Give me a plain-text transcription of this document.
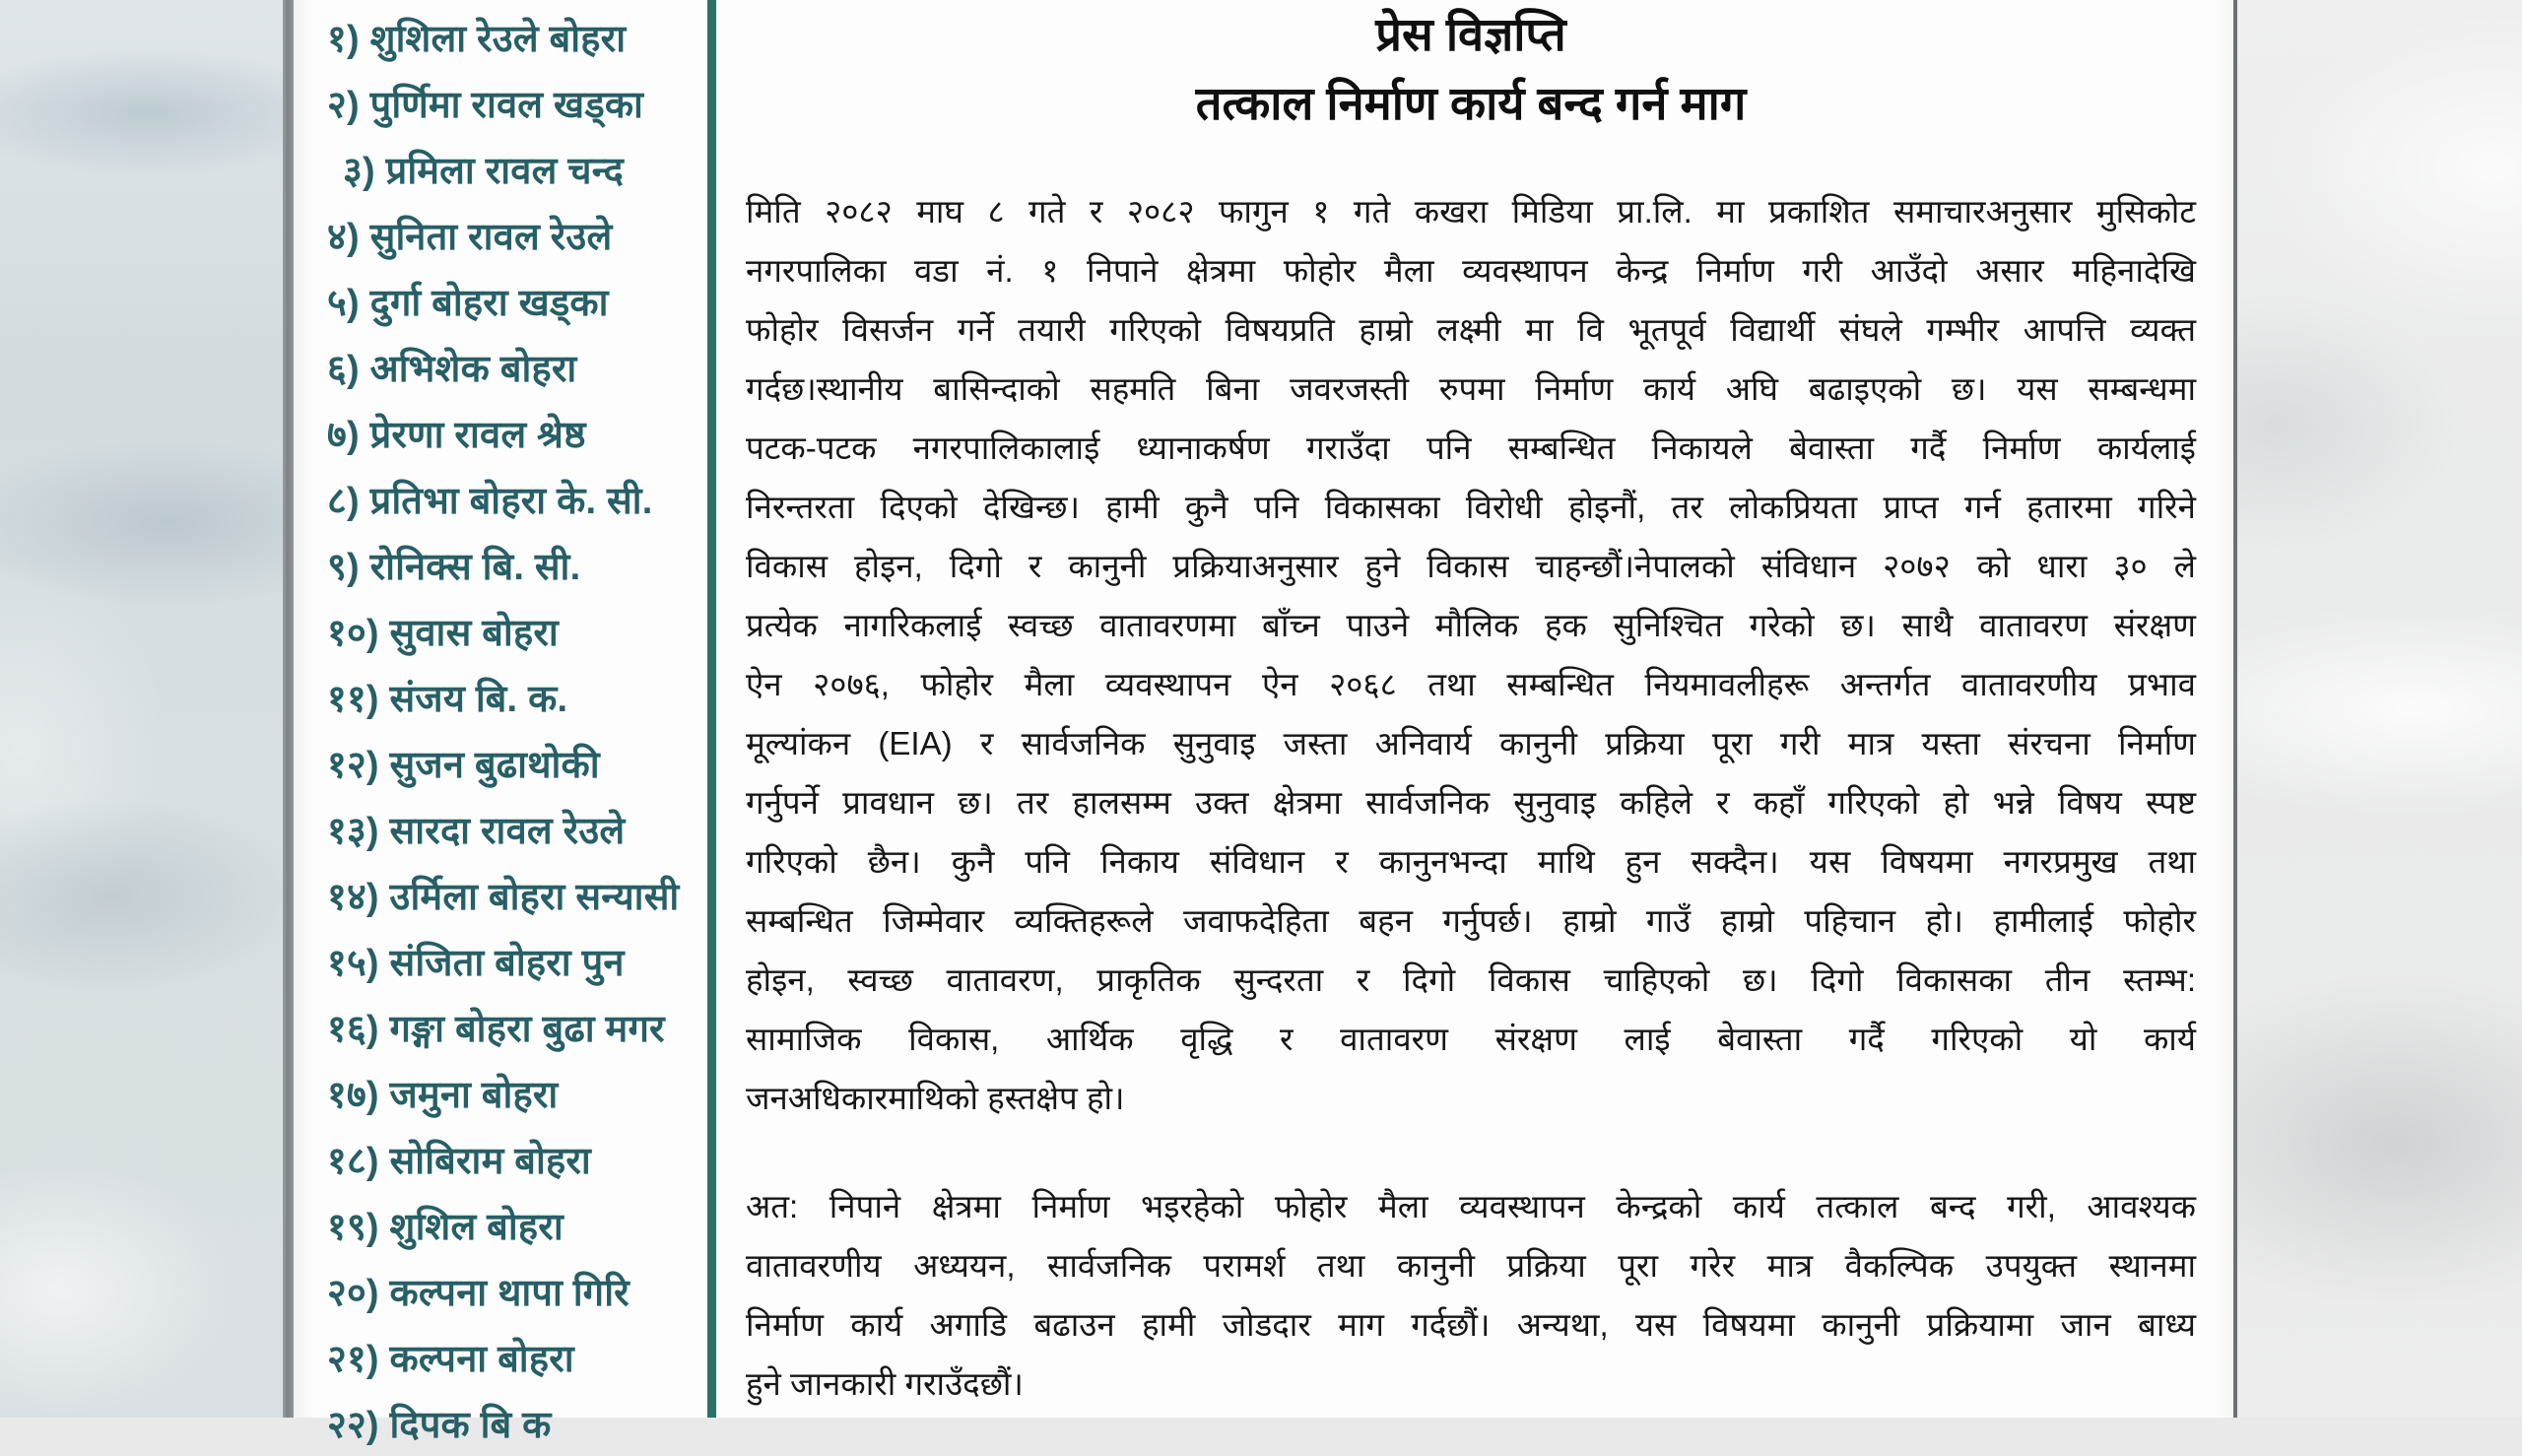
१) शुशिला रेउले बोहरा
२) पुर्णिमा रावल खड्का
३) प्रमिला रावल चन्द
४) सुनिता रावल रेउले
५) दुर्गा बोहरा खड्का
६) अभिशेक बोहरा
७) प्रेरणा रावल श्रेष्ठ
८) प्रतिभा बोहरा के. सी.
९) रोनिक्स बि. सी.
१०) सुवास बोहरा
११) संजय बि. क.
१२) सुजन बुढाथोकी
१३) सारदा रावल रेउले
१४) उर्मिला बोहरा सन्यासी
१५) संजिता बोहरा पुन
१६) गङ्गा बोहरा बुढा मगर
१७) जमुना बोहरा
१८) सोबिराम बोहरा
१९) शुशिल बोहरा
२०) कल्पना थापा गिरि
२१) कल्पना बोहरा
२२) दिपक बि क
प्रेस विज्ञप्ति
तत्काल निर्माण कार्य बन्द गर्न माग
मिति २०८२ माघ ८ गते र २०८२ फागुन १ गते कखरा मिडिया प्रा.लि. मा प्रकाशित समाचारअनुसार मुसिकोट
नगरपालिका वडा नं. १ निपाने क्षेत्रमा फोहोर मैला व्यवस्थापन केन्द्र निर्माण गरी आउँदो असार महिनादेखि
फोहोर विसर्जन गर्ने तयारी गरिएको विषयप्रति हाम्रो लक्ष्मी मा वि भूतपूर्व विद्यार्थी संघले गम्भीर आपत्ति व्यक्त
गर्दछ।स्थानीय बासिन्दाको सहमति बिना जवरजस्ती रुपमा निर्माण कार्य अघि बढाइएको छ। यस सम्बन्धमा
पटक-पटक नगरपालिकालाई ध्यानाकर्षण गराउँदा पनि सम्बन्धित निकायले बेवास्ता गर्दै निर्माण कार्यलाई
निरन्तरता दिएको देखिन्छ। हामी कुनै पनि विकासका विरोधी होइनौं, तर लोकप्रियता प्राप्त गर्न हतारमा गरिने
विकास होइन, दिगो र कानुनी प्रक्रियाअनुसार हुने विकास चाहन्छौं।नेपालको संविधान २०७२ को धारा ३० ले
प्रत्येक नागरिकलाई स्वच्छ वातावरणमा बाँच्न पाउने मौलिक हक सुनिश्चित गरेको छ। साथै वातावरण संरक्षण
ऐन २०७६, फोहोर मैला व्यवस्थापन ऐन २०६८ तथा सम्बन्धित नियमावलीहरू अन्तर्गत वातावरणीय प्रभाव
मूल्यांकन (EIA) र सार्वजनिक सुनुवाइ जस्ता अनिवार्य कानुनी प्रक्रिया पूरा गरी मात्र यस्ता संरचना निर्माण
गर्नुपर्ने प्रावधान छ। तर हालसम्म उक्त क्षेत्रमा सार्वजनिक सुनुवाइ कहिले र कहाँ गरिएको हो भन्ने विषय स्पष्ट
गरिएको छैन। कुनै पनि निकाय संविधान र कानुनभन्दा माथि हुन सक्दैन। यस विषयमा नगरप्रमुख तथा
सम्बन्धित जिम्मेवार व्यक्तिहरूले जवाफदेहिता बहन गर्नुपर्छ। हाम्रो गाउँ हाम्रो पहिचान हो। हामीलाई फोहोर
होइन, स्वच्छ वातावरण, प्राकृतिक सुन्दरता र दिगो विकास चाहिएको छ। दिगो विकासका तीन स्तम्भ:
सामाजिक विकास, आर्थिक वृद्धि र वातावरण संरक्षण लाई बेवास्ता गर्दै गरिएको यो कार्य
जनअधिकारमाथिको हस्तक्षेप हो।
अत: निपाने क्षेत्रमा निर्माण भइरहेको फोहोर मैला व्यवस्थापन केन्द्रको कार्य तत्काल बन्द गरी, आवश्यक
वातावरणीय अध्ययन, सार्वजनिक परामर्श तथा कानुनी प्रक्रिया पूरा गरेर मात्र वैकल्पिक उपयुक्त स्थानमा
निर्माण कार्य अगाडि बढाउन हामी जोडदार माग गर्दछौं। अन्यथा, यस विषयमा कानुनी प्रक्रियामा जान बाध्य
हुने जानकारी गराउँदछौं।
